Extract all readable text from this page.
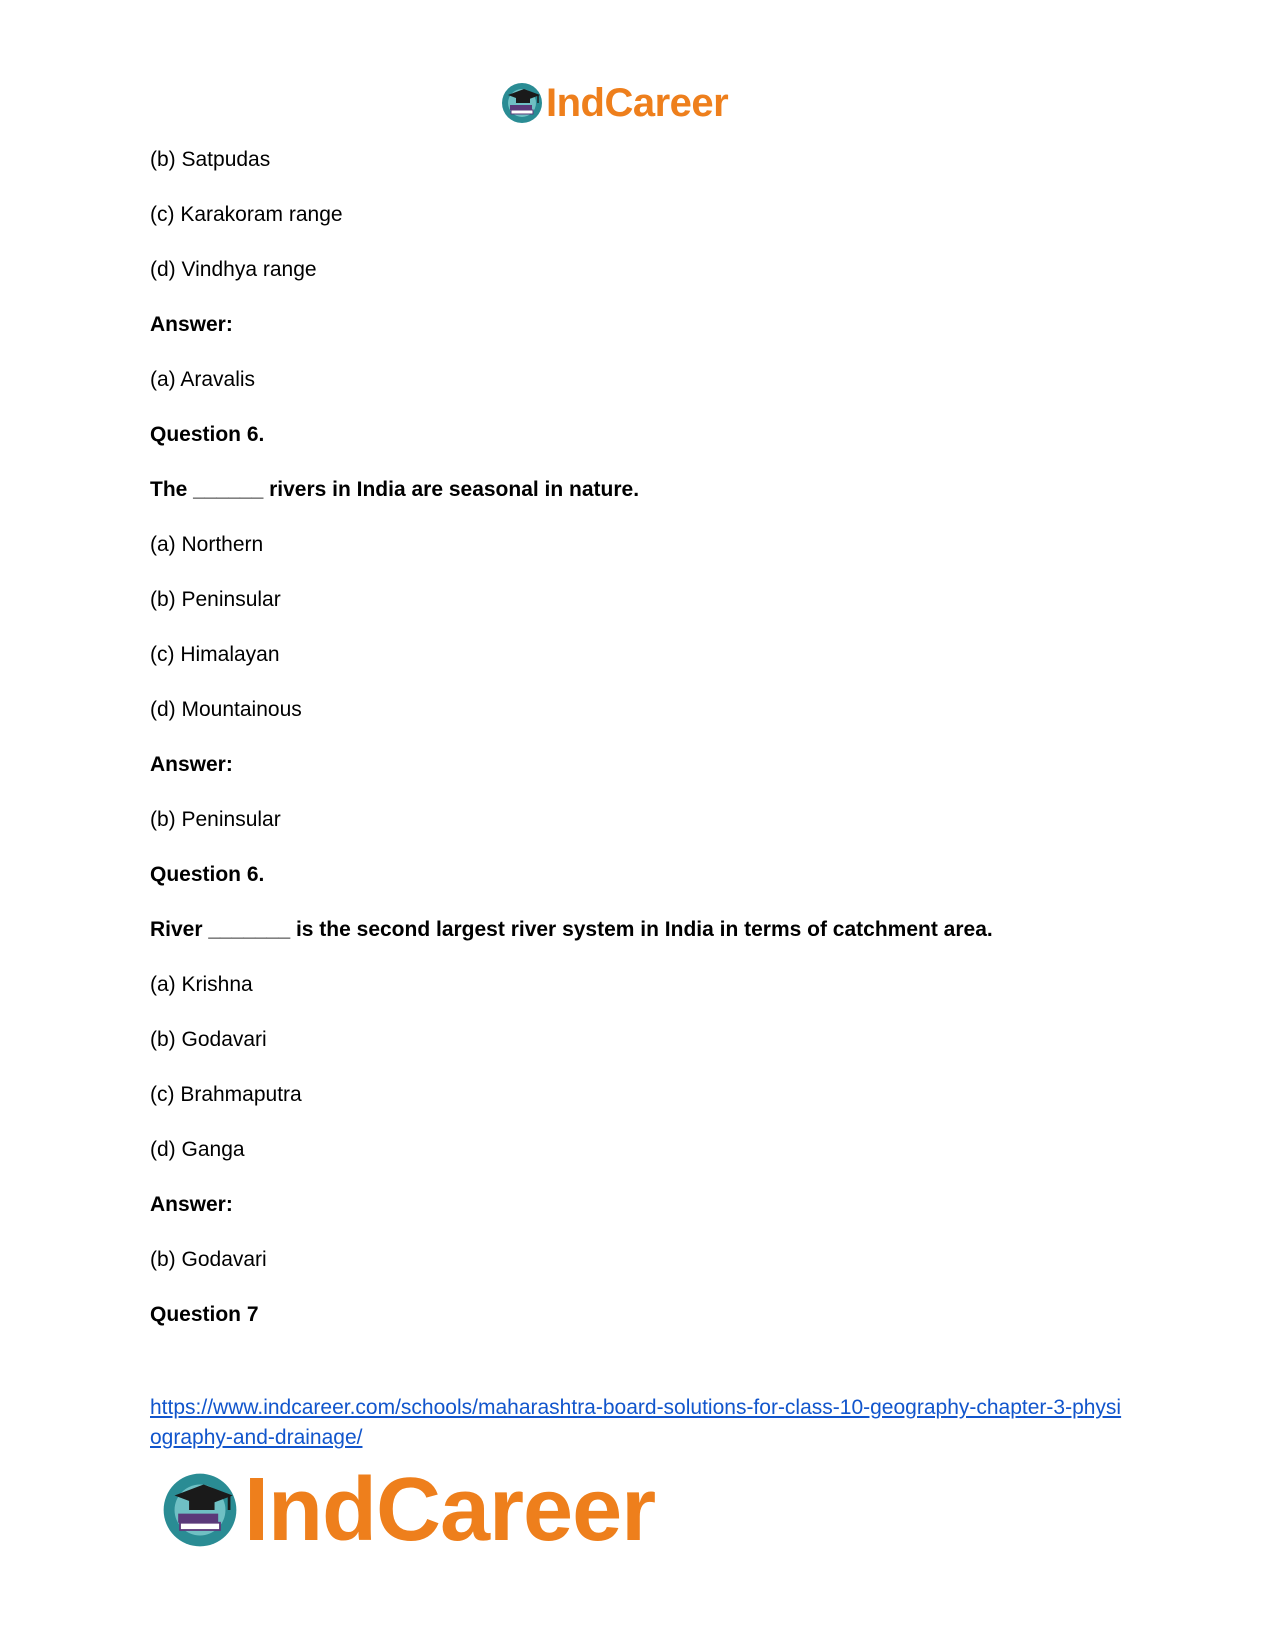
IndCareer
(b) Satpudas
(c) Karakoram range
(d) Vindhya range
Answer:
(a) Aravalis
Question 6.
The ______ rivers in India are seasonal in nature.
(a) Northern
(b) Peninsular
(c) Himalayan
(d) Mountainous
Answer:
(b) Peninsular
Question 6.
River _______ is the second largest river system in India in terms of catchment area.
(a) Krishna
(b) Godavari
(c) Brahmaputra
(d) Ganga
Answer:
(b) Godavari
Question 7
https://www.indcareer.com/schools/maharashtra-board-solutions-for-class-10-geography-chapter-3-physiography-and-drainage/
IndCareer
